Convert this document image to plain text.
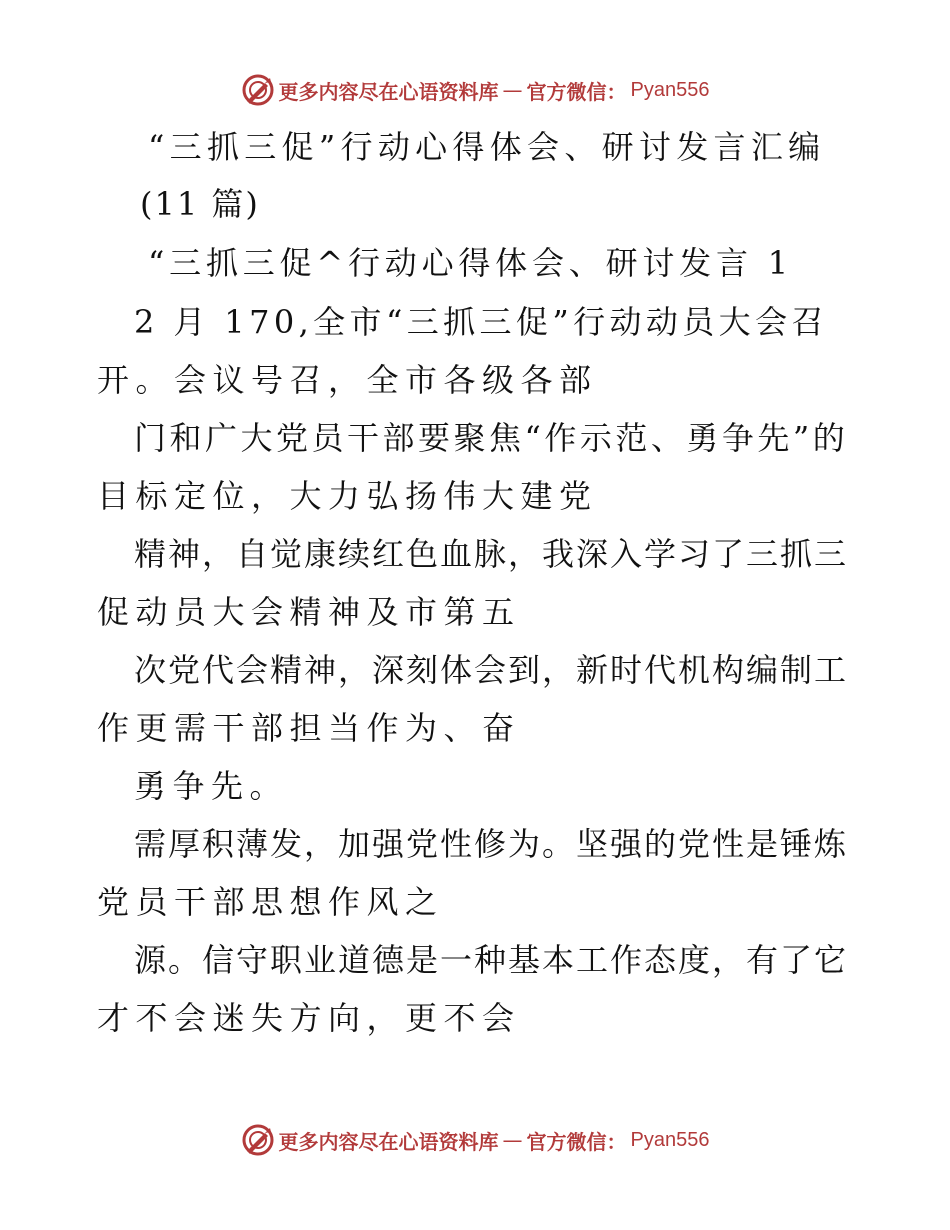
更多内容尽在心语资料库 — 官方微信： Pyan556
“三抓三促”行动心得体会、研讨发言汇编
(11 篇)
“三抓三促^行动心得体会、研讨发言 1
2 月 170,全市“三抓三促”行动动员大会召
开。会议号召，全市各级各部
门和广大党员干部要聚焦“作示范、勇争先”的
目标定位，大力弘扬伟大建党
精神，自觉康续红色血脉，我深入学习了三抓三
促动员大会精神及市第五
次党代会精神，深刻体会到，新时代机构编制工
作更需干部担当作为、奋
勇争先。
需厚积薄发，加强党性修为。坚强的党性是锤炼
党员干部思想作风之
源。信守职业道德是一种基本工作态度，有了它
才不会迷失方向，更不会
更多内容尽在心语资料库 — 官方微信： Pyan556
